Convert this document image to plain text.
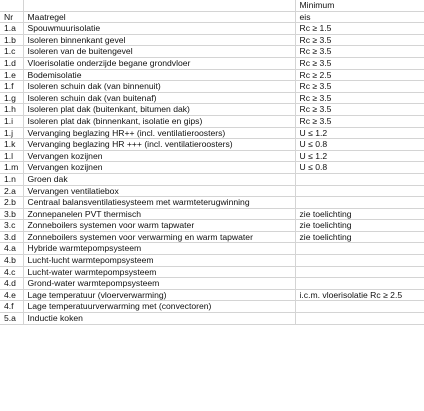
		Minimum
Nr	Maatregel	eis
1.a	Spouwmuurisolatie	Rc ≥ 1.5
1.b	Isoleren binnenkant gevel	Rc ≥ 3.5
1.c	Isoleren van de buitengevel	Rc ≥ 3.5
1.d	Vloerisolatie onderzijde begane grondvloer	Rc ≥ 3.5
1.e	Bodemisolatie	Rc ≥ 2.5
1.f	Isoleren schuin dak (van binnenuit)	Rc ≥ 3.5
1.g	Isoleren schuin dak (van buitenaf)	Rc ≥ 3.5
1.h	Isoleren plat dak (buitenkant, bitumen dak)	Rc ≥ 3.5
1.i	Isoleren plat dak (binnenkant, isolatie en gips)	Rc ≥ 3.5
1.j	Vervanging beglazing HR++ (incl. ventilatieroosters)	U ≤ 1.2
1.k	Vervanging beglazing HR +++ (incl. ventilatieroosters)	U ≤ 0.8
1.l	Vervangen kozijnen	U ≤ 1.2
1.m	Vervangen kozijnen	U ≤ 0.8
1.n	Groen dak	
2.a	Vervangen ventilatiebox	
2.b	Centraal balansventilatiesysteem met warmteterugwinning	
3.b	Zonnepanelen PVT thermisch	zie toelichting
3.c	Zonneboilers systemen voor warm tapwater	zie toelichting
3.d	Zonneboilers systemen voor verwarming en warm tapwater	zie toelichting
4.a	Hybride warmtepompsysteem	
4.b	Lucht-lucht warmtepompsysteem	
4.c	Lucht-water warmtepompsysteem	
4.d	Grond-water warmtepompsysteem	
4.e	Lage temperatuur (vloerverwarming)	i.c.m. vloerisolatie Rc ≥ 2.5
4.f	Lage temperatuurverwarming met (convectoren)	
5.a	Inductie koken	
